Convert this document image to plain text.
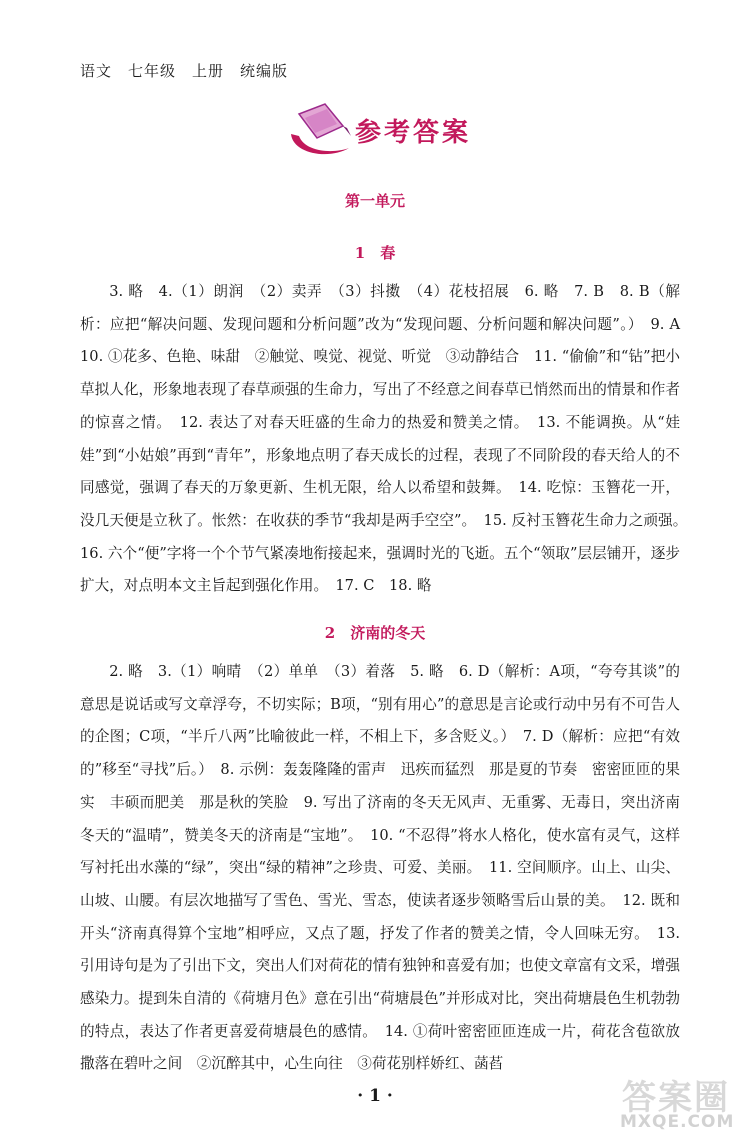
语文　七年级　上册　统编版
参考答案
第一单元
1　春

3. 略　4.（1）朗润　（2）卖弄　（3）抖擞　（4）花枝招展　6. 略　7. B　8. B（解析：应把“解决问题、发现问题和分析问题”改为“发现问题、分析问题和解决问题”。）　9. A　10. ①花多、色艳、味甜　②触觉、嗅觉、视觉、听觉　③动静结合　11. “偷偷”和“钻”把小草拟人化，形象地表现了春草顽强的生命力，写出了不经意之间春草已悄然而出的情景和作者的惊喜之情。　12. 表达了对春天旺盛的生命力的热爱和赞美之情。　13. 不能调换。从“娃娃”到“小姑娘”再到“青年”，形象地点明了春天成长的过程，表现了不同阶段的春天给人的不同感觉，强调了春天的万象更新、生机无限，给人以希望和鼓舞。　14. 吃惊：玉簪花一开，没几天便是立秋了。怅然：在收获的季节“我却是两手空空”。　15. 反衬玉簪花生命力之顽强。　16. 六个“便”字将一个个节气紧凑地衔接起来，强调时光的飞逝。五个“领取”层层铺开，逐步扩大，对点明本文主旨起到强化作用。　17. C　18. 略

2　济南的冬天

2. 略　3.（1）响晴　（2）单单　（3）着落　5. 略　6. D（解析：A项，“夸夸其谈”的意思是说话或写文章浮夸，不切实际；B项，“别有用心”的意思是言论或行动中另有不可告人的企图；C项，“半斤八两”比喻彼此一样，不相上下，多含贬义。）　7. D（解析：应把“有效的”移至“寻找”后。）　8. 示例：轰轰隆隆的雷声　迅疾而猛烈　那是夏的节奏　密密匝匝的果实　丰硕而肥美　那是秋的笑脸　9. 写出了济南的冬天无风声、无重雾、无毒日，突出济南冬天的“温晴”，赞美冬天的济南是“宝地”。　10. “不忍得”将水人格化，使水富有灵气，这样写衬托出水藻的“绿”，突出“绿的精神”之珍贵、可爱、美丽。　11. 空间顺序。山上、山尖、山坡、山腰。有层次地描写了雪色、雪光、雪态，使读者逐步领略雪后山景的美。　12. 既和开头“济南真得算个宝地”相呼应，又点了题，抒发了作者的赞美之情，令人回味无穷。　13. 引用诗句是为了引出下文，突出人们对荷花的情有独钟和喜爱有加；也使文章富有文采，增强感染力。提到朱自清的《荷塘月色》意在引出“荷塘晨色”并形成对比，突出荷塘晨色生机勃勃的特点，表达了作者更喜爱荷塘晨色的感情。　14. ①荷叶密密匝匝连成一片，荷花含苞欲放撒落在碧叶之间　②沉醉其中，心生向往　③荷花别样娇红、菡萏

· 1 ·	答案圈
MXQE.COM
